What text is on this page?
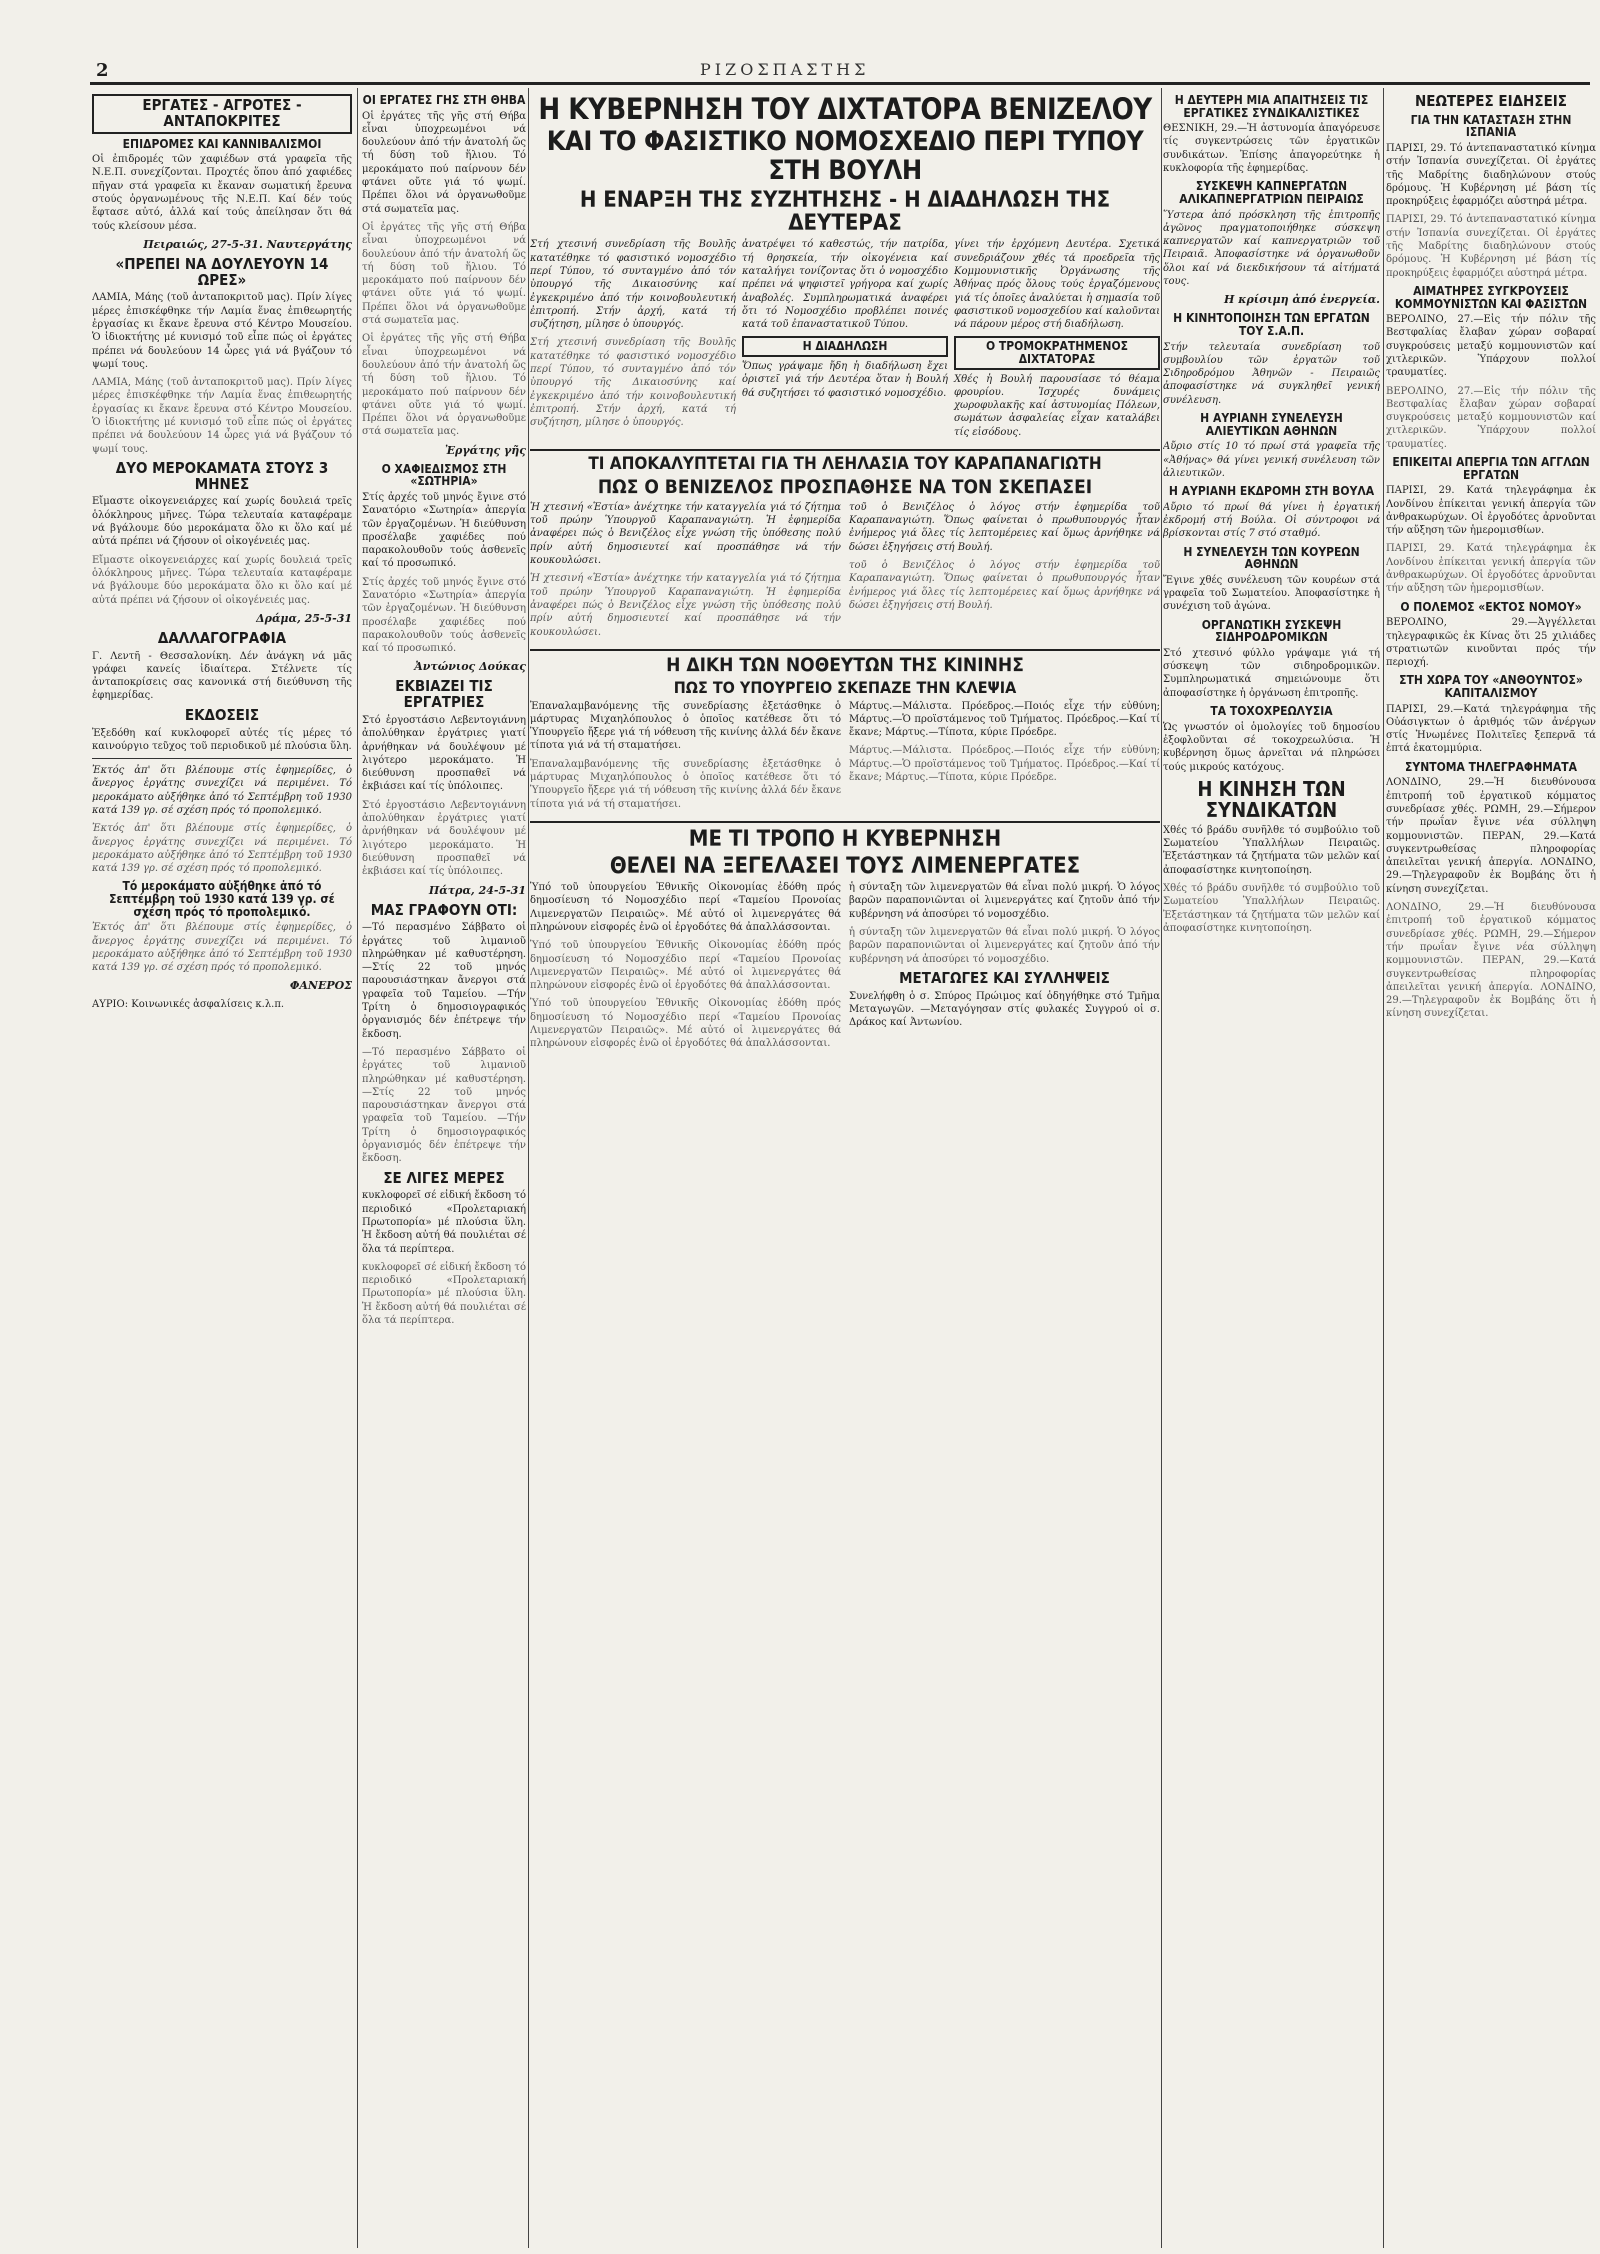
2	ΡΙΖΟΣΠΑΣΤΗΣ
ΕΡΓΑΤΕΣ - ΑΓΡΟΤΕΣ - ΑΝΤΑΠΟΚΡΙΤΕΣ
ΕΠΙΔΡΟΜΕΣ ΚΑΙ ΚΑΝΝΙΒΑΛΙΣΜΟΙ

Οἱ ἐπιδρομές τῶν χαφιέδων στά γραφεῖα τῆς Ν.Ε.Π. συνεχίζονται. Προχτές ὅπου ἀπό χαφιέδες πῆγαν στά γραφεῖα κι ἔκαναν σωματική ἔρευνα στούς ὀργανωμένους τῆς Ν.Ε.Π. Καί δέν τούς ἔφτασε αὐτό, ἀλλά καί τούς ἀπείλησαν ὅτι θά τούς κλείσουν μέσα.

Πειραιώς, 27-5-31. Ναυτεργάτης
«ΠΡΕΠΕΙ ΝΑ ΔΟΥΛΕΥΟΥΝ 14 ΩΡΕΣ»

ΛΑΜΙΑ, Μάης (τοῦ ἀνταποκριτοῦ μας). Πρίν λίγες μέρες ἐπισκέφθηκε τήν Λαμία ἕνας ἐπιθεωρητής ἐργασίας κι ἔκανε ἔρευνα στό Κέντρο Μουσείου. Ὁ ἰδιοκτήτης μέ κυνισμό τοῦ εἶπε πώς οἱ ἐργάτες πρέπει νά δουλεύουν 14 ὧρες γιά νά βγάζουν τό ψωμί τους.

ΛΑΜΙΑ, Μάης (τοῦ ἀνταποκριτοῦ μας). Πρίν λίγες μέρες ἐπισκέφθηκε τήν Λαμία ἕνας ἐπιθεωρητής ἐργασίας κι ἔκανε ἔρευνα στό Κέντρο Μουσείου. Ὁ ἰδιοκτήτης μέ κυνισμό τοῦ εἶπε πώς οἱ ἐργάτες πρέπει νά δουλεύουν 14 ὧρες γιά νά βγάζουν τό ψωμί τους.

ΔΥΟ ΜΕΡΟΚΑΜΑΤΑ ΣΤΟΥΣ 3 ΜΗΝΕΣ

Εἴμαστε οἰκογενειάρχες καί χωρίς δουλειά τρεῖς ὁλόκληρους μῆνες. Τώρα τελευταία καταφέραμε νά βγάλουμε δύο μεροκάματα ὅλο κι ὅλο καί μέ αὐτά πρέπει νά ζήσουν οἱ οἰκογένειές μας.

Εἴμαστε οἰκογενειάρχες καί χωρίς δουλειά τρεῖς ὁλόκληρους μῆνες. Τώρα τελευταία καταφέραμε νά βγάλουμε δύο μεροκάματα ὅλο κι ὅλο καί μέ αὐτά πρέπει νά ζήσουν οἱ οἰκογένειές μας.

Δράμα, 25-5-31
ΔΑΛΛΑΓΟΓΡΑΦΙΑ

Γ. Λεντῆ - Θεσσαλονίκη. Δέν ἀνάγκη νά μᾶς γράφει κανείς ἰδιαίτερα. Στέλνετε τίς ἀνταποκρίσεις σας κανονικά στή διεύθυνση τῆς ἐφημερίδας.

ΕΚΔΟΣΕΙΣ

Ἐξεδόθη καί κυκλοφορεῖ αὐτές τίς μέρες τό καινούργιο τεῦχος τοῦ περιοδικοῦ μέ πλούσια ὕλη.

Ἐκτός ἀπ' ὅτι βλέπουμε στίς ἐφημερίδες, ὁ ἄνεργος ἐργάτης συνεχίζει νά περιμένει. Τό μεροκάματο αὐξήθηκε ἀπό τό Σεπτέμβρη τοῦ 1930 κατά 139 γρ. σέ σχέση πρός τό προπολεμικό.

Ἐκτός ἀπ' ὅτι βλέπουμε στίς ἐφημερίδες, ὁ ἄνεργος ἐργάτης συνεχίζει νά περιμένει. Τό μεροκάματο αὐξήθηκε ἀπό τό Σεπτέμβρη τοῦ 1930 κατά 139 γρ. σέ σχέση πρός τό προπολεμικό.

Τό μεροκάματο αὐξήθηκε ἀπό τό Σεπτέμβρη τοῦ 1930 κατά 139 γρ. σέ σχέση πρός τό προπολεμικό.

Ἐκτός ἀπ' ὅτι βλέπουμε στίς ἐφημερίδες, ὁ ἄνεργος ἐργάτης συνεχίζει νά περιμένει. Τό μεροκάματο αὐξήθηκε ἀπό τό Σεπτέμβρη τοῦ 1930 κατά 139 γρ. σέ σχέση πρός τό προπολεμικό.

ΦΑΝΕΡΟΣ

ΑΥΡΙΟ: Κοινωνικές ἀσφαλίσεις κ.λ.π.

ΟΙ ΕΡΓΑΤΕΣ ΓΗΣ ΣΤΗ ΘΗΒΑ

Οἱ ἐργάτες τῆς γῆς στή Θήβα εἶναι ὑποχρεωμένοι νά δουλεύουν ἀπό τήν ἀνατολή ὥς τή δύση τοῦ ἥλιου. Τό μεροκάματο πού παίρνουν δέν φτάνει οὔτε γιά τό ψωμί. Πρέπει ὅλοι νά ὀργανωθοῦμε στά σωματεῖα μας.

Οἱ ἐργάτες τῆς γῆς στή Θήβα εἶναι ὑποχρεωμένοι νά δουλεύουν ἀπό τήν ἀνατολή ὥς τή δύση τοῦ ἥλιου. Τό μεροκάματο πού παίρνουν δέν φτάνει οὔτε γιά τό ψωμί. Πρέπει ὅλοι νά ὀργανωθοῦμε στά σωματεῖα μας.

Οἱ ἐργάτες τῆς γῆς στή Θήβα εἶναι ὑποχρεωμένοι νά δουλεύουν ἀπό τήν ἀνατολή ὥς τή δύση τοῦ ἥλιου. Τό μεροκάματο πού παίρνουν δέν φτάνει οὔτε γιά τό ψωμί. Πρέπει ὅλοι νά ὀργανωθοῦμε στά σωματεῖα μας.

Ἐργάτης γῆς
Ο ΧΑΦΙΕΔΙΣΜΟΣ ΣΤΗ «ΣΩΤΗΡΙΑ»

Στίς ἀρχές τοῦ μηνός ἔγινε στό Σανατόριο «Σωτηρία» ἀπεργία τῶν ἐργαζομένων. Ἡ διεύθυνση προσέλαβε χαφιέδες πού παρακολουθοῦν τούς ἀσθενεῖς καί τό προσωπικό.

Στίς ἀρχές τοῦ μηνός ἔγινε στό Σανατόριο «Σωτηρία» ἀπεργία τῶν ἐργαζομένων. Ἡ διεύθυνση προσέλαβε χαφιέδες πού παρακολουθοῦν τούς ἀσθενεῖς καί τό προσωπικό.

Ἀντώνιος Δούκας
ΕΚΒΙΑΖΕΙ ΤΙΣ ΕΡΓΑΤΡΙΕΣ

Στό ἐργοστάσιο Λεβεντογιάννη ἀπολύθηκαν ἐργάτριες γιατί ἀρνήθηκαν νά δουλέψουν μέ λιγότερο μεροκάματο. Ἡ διεύθυνση προσπαθεῖ νά ἐκβιάσει καί τίς ὑπόλοιπες.

Στό ἐργοστάσιο Λεβεντογιάννη ἀπολύθηκαν ἐργάτριες γιατί ἀρνήθηκαν νά δουλέψουν μέ λιγότερο μεροκάματο. Ἡ διεύθυνση προσπαθεῖ νά ἐκβιάσει καί τίς ὑπόλοιπες.

Πάτρα, 24-5-31
ΜΑΣ ΓΡΑΦΟΥΝ ΟΤΙ:

—Τό περασμένο Σάββατο οἱ ἐργάτες τοῦ λιμανιοῦ πληρώθηκαν μέ καθυστέρηση. —Στίς 22 τοῦ μηνός παρουσιάστηκαν ἄνεργοι στά γραφεῖα τοῦ Ταμείου. —Τήν Τρίτη ὁ δημοσιογραφικός ὀργανισμός δέν ἐπέτρεψε τήν ἔκδοση.

—Τό περασμένο Σάββατο οἱ ἐργάτες τοῦ λιμανιοῦ πληρώθηκαν μέ καθυστέρηση. —Στίς 22 τοῦ μηνός παρουσιάστηκαν ἄνεργοι στά γραφεῖα τοῦ Ταμείου. —Τήν Τρίτη ὁ δημοσιογραφικός ὀργανισμός δέν ἐπέτρεψε τήν ἔκδοση.

ΣΕ ΛΙΓΕΣ ΜΕΡΕΣ

κυκλοφορεῖ σέ εἰδική ἔκδοση τό περιοδικό «Προλεταριακή Πρωτοπορία» μέ πλούσια ὕλη. Ἡ ἔκδοση αὐτή θά πουλιέται σέ ὅλα τά περίπτερα.

κυκλοφορεῖ σέ εἰδική ἔκδοση τό περιοδικό «Προλεταριακή Πρωτοπορία» μέ πλούσια ὕλη. Ἡ ἔκδοση αὐτή θά πουλιέται σέ ὅλα τά περίπτερα.

Η ΚΥΒΕΡΝΗΣΗ ΤΟΥ ΔΙΧΤΑΤΟΡΑ ΒΕΝΙΖΕΛΟΥ
ΚΑΙ ΤΟ ΦΑΣΙΣΤΙΚΟ ΝΟΜΟΣΧΕΔΙΟ ΠΕΡΙ ΤΥΠΟΥ ΣΤΗ ΒΟΥΛΗ
Η ΕΝΑΡΞΗ ΤΗΣ ΣΥΖΗΤΗΣΗΣ - Η ΔΙΑΔΗΛΩΣΗ ΤΗΣ ΔΕΥΤΕΡΑΣ

Στή χτεσινή συνεδρίαση τῆς Βουλῆς κατατέθηκε τό φασιστικό νομοσχέδιο περί Τύπου, τό συνταγμένο ἀπό τόν ὑπουργό τῆς Δικαιοσύνης καί ἐγκεκριμένο ἀπό τήν κοινοβουλευτική ἐπιτροπή. Στήν ἀρχή, κατά τή συζήτηση, μίλησε ὁ ὑπουργός.

Στή χτεσινή συνεδρίαση τῆς Βουλῆς κατατέθηκε τό φασιστικό νομοσχέδιο περί Τύπου, τό συνταγμένο ἀπό τόν ὑπουργό τῆς Δικαιοσύνης καί ἐγκεκριμένο ἀπό τήν κοινοβουλευτική ἐπιτροπή. Στήν ἀρχή, κατά τή συζήτηση, μίλησε ὁ ὑπουργός.

ἀνατρέψει τό καθεστώς, τήν πατρίδα, τή θρησκεία, τήν οἰκογένεια καί καταλήγει τονίζοντας ὅτι ὁ νομοσχέδιο πρέπει νά ψηφιστεῖ γρήγορα καί χωρίς ἀναβολές. Συμπληρωματικά ἀναφέρει ὅτι τό Νομοσχέδιο προβλέπει ποινές κατά τοῦ ἐπαναστατικοῦ Τύπου.

Η ΔΙΑΔΗΛΩΣΗ

Ὅπως γράψαμε ἤδη ἡ διαδήλωση ἔχει ὁριστεῖ γιά τήν Δευτέρα ὅταν ἡ Βουλή θά συζητήσει τό φασιστικό νομοσχέδιο.

γίνει τήν ἐρχόμενη Δευτέρα. Σχετικά συνεδριάζουν χθές τά προεδρεῖα τῆς Κομμουνιστικῆς Ὀργάνωσης τῆς Ἀθήνας πρός ὅλους τούς ἐργαζόμενους γιά τίς ὁποῖες ἀναλύεται ἡ σημασία τοῦ φασιστικοῦ νομοσχεδίου καί καλοῦνται νά πάρουν μέρος στή διαδήλωση.

Ο ΤΡΟΜΟΚΡΑΤΗΜΕΝΟΣ ΔΙΧΤΑΤΟΡΑΣ

Χθές ἡ Βουλή παρουσίασε τό θέαμα φρουρίου. Ἰσχυρές δυνάμεις χωροφυλακῆς καί ἀστυνομίας Πόλεων, σωμάτων ἀσφαλείας εἶχαν καταλάβει τίς εἰσόδους.

ΤΙ ΑΠΟΚΑΛΥΠΤΕΤΑΙ ΓΙΑ ΤΗ ΛΕΗΛΑΣΙΑ ΤΟΥ ΚΑΡΑΠΑΝΑΓΙΩΤΗ
ΠΩΣ Ο ΒΕΝΙΖΕΛΟΣ ΠΡΟΣΠΑΘΗΣΕ ΝΑ ΤΟΝ ΣΚΕΠΑΣΕΙ

Ἡ χτεσινή «Ἑστία» ἀνέχτηκε τήν καταγγελία γιά τό ζήτημα τοῦ πρώην Ὑπουργοῦ Καραπαναγιώτη. Ἡ ἐφημερίδα ἀναφέρει πώς ὁ Βενιζέλος εἶχε γνώση τῆς ὑπόθεσης πολύ πρίν αὐτή δημοσιευτεί καί προσπάθησε νά τήν κουκουλώσει.

Ἡ χτεσινή «Ἑστία» ἀνέχτηκε τήν καταγγελία γιά τό ζήτημα τοῦ πρώην Ὑπουργοῦ Καραπαναγιώτη. Ἡ ἐφημερίδα ἀναφέρει πώς ὁ Βενιζέλος εἶχε γνώση τῆς ὑπόθεσης πολύ πρίν αὐτή δημοσιευτεί καί προσπάθησε νά τήν κουκουλώσει.

τοῦ ὁ Βενιζέλος ὁ λόγος στήν ἐφημερίδα τοῦ Καραπαναγιώτη. Ὅπως φαίνεται ὁ πρωθυπουργός ἦταν ἐνήμερος γιά ὅλες τίς λεπτομέρειες καί ὅμως ἀρνήθηκε νά δώσει ἐξηγήσεις στή Βουλή.

τοῦ ὁ Βενιζέλος ὁ λόγος στήν ἐφημερίδα τοῦ Καραπαναγιώτη. Ὅπως φαίνεται ὁ πρωθυπουργός ἦταν ἐνήμερος γιά ὅλες τίς λεπτομέρειες καί ὅμως ἀρνήθηκε νά δώσει ἐξηγήσεις στή Βουλή.

Η ΔΙΚΗ ΤΩΝ ΝΟΘΕΥΤΩΝ ΤΗΣ ΚΙΝΙΝΗΣ
ΠΩΣ ΤΟ ΥΠΟΥΡΓΕΙΟ ΣΚΕΠΑΖΕ ΤΗΝ ΚΛΕΨΙΑ

Ἐπαναλαμβανόμενης τῆς συνεδρίασης ἐξετάσθηκε ὁ μάρτυρας Μιχαηλόπουλος ὁ ὁποῖος κατέθεσε ὅτι τό Ὑπουργεῖο ἤξερε γιά τή νόθευση τῆς κινίνης ἀλλά δέν ἔκανε τίποτα γιά νά τή σταματήσει.

Ἐπαναλαμβανόμενης τῆς συνεδρίασης ἐξετάσθηκε ὁ μάρτυρας Μιχαηλόπουλος ὁ ὁποῖος κατέθεσε ὅτι τό Ὑπουργεῖο ἤξερε γιά τή νόθευση τῆς κινίνης ἀλλά δέν ἔκανε τίποτα γιά νά τή σταματήσει.

Μάρτυς.—Μάλιστα. Πρόεδρος.—Ποιός εἶχε τήν εὐθύνη; Μάρτυς.—Ὁ προϊστάμενος τοῦ Τμήματος. Πρόεδρος.—Καί τί ἔκανε; Μάρτυς.—Τίποτα, κύριε Πρόεδρε.

Μάρτυς.—Μάλιστα. Πρόεδρος.—Ποιός εἶχε τήν εὐθύνη; Μάρτυς.—Ὁ προϊστάμενος τοῦ Τμήματος. Πρόεδρος.—Καί τί ἔκανε; Μάρτυς.—Τίποτα, κύριε Πρόεδρε.

ΜΕ ΤΙ ΤΡΟΠΟ Η ΚΥΒΕΡΝΗΣΗ
ΘΕΛΕΙ ΝΑ ΞΕΓΕΛΑΣΕΙ ΤΟΥΣ ΛΙΜΕΝΕΡΓΑΤΕΣ

Ὑπό τοῦ ὑπουργείου Ἐθνικῆς Οἰκονομίας ἐδόθη πρός δημοσίευση τό Νομοσχέδιο περί «Ταμείου Προνοίας Λιμενεργατῶν Πειραιῶς». Μέ αὐτό οἱ λιμενεργάτες θά πληρώνουν εἰσφορές ἐνῶ οἱ ἐργοδότες θά ἀπαλλάσσονται.

Ὑπό τοῦ ὑπουργείου Ἐθνικῆς Οἰκονομίας ἐδόθη πρός δημοσίευση τό Νομοσχέδιο περί «Ταμείου Προνοίας Λιμενεργατῶν Πειραιῶς». Μέ αὐτό οἱ λιμενεργάτες θά πληρώνουν εἰσφορές ἐνῶ οἱ ἐργοδότες θά ἀπαλλάσσονται.

Ὑπό τοῦ ὑπουργείου Ἐθνικῆς Οἰκονομίας ἐδόθη πρός δημοσίευση τό Νομοσχέδιο περί «Ταμείου Προνοίας Λιμενεργατῶν Πειραιῶς». Μέ αὐτό οἱ λιμενεργάτες θά πληρώνουν εἰσφορές ἐνῶ οἱ ἐργοδότες θά ἀπαλλάσσονται.

ἡ σύνταξη τῶν λιμενεργατῶν θά εἶναι πολύ μικρή. Ὁ λόγος βαρῶν παραπονιῶνται οἱ λιμενεργάτες καί ζητοῦν ἀπό τήν κυβέρνηση νά ἀποσύρει τό νομοσχέδιο.

ἡ σύνταξη τῶν λιμενεργατῶν θά εἶναι πολύ μικρή. Ὁ λόγος βαρῶν παραπονιῶνται οἱ λιμενεργάτες καί ζητοῦν ἀπό τήν κυβέρνηση νά ἀποσύρει τό νομοσχέδιο.

ΜΕΤΑΓΩΓΕΣ ΚΑΙ ΣΥΛΛΗΨΕΙΣ

Συνελήφθη ὁ σ. Σπύρος Πρώιμος καί ὁδηγήθηκε στό Τμῆμα Μεταγωγῶν. —Μεταγόγησαν στίς φυλακές Συγγρού οἱ σ. Δράκος καί Ἀντωνίου.

Η ΔΕΥΤΕΡΗ ΜΙΑ ΑΠΑΙΤΗΣΕΙΣ ΤΙΣ ΕΡΓΑΤΙΚΕΣ ΣΥΝΔΙΚΑΛΙΣΤΙΚΕΣ

ΘΕΣΝΙΚΗ, 29.—Ἡ ἀστυνομία ἀπαγόρευσε τίς συγκεντρώσεις τῶν ἐργατικῶν συνδικάτων. Ἐπίσης ἀπαγορεύτηκε ἡ κυκλοφορία τῆς ἐφημερίδας.

ΣΥΣΚΕΨΗ ΚΑΠΝΕΡΓΑΤΩΝ ΑΛΙΚΑΠΝΕΡΓΑΤΡΙΩΝ ΠΕΙΡΑΙΩΣ

Ὕστερα ἀπό πρόσκληση τῆς ἐπιτροπῆς ἀγῶνος πραγματοποιήθηκε σύσκεψη καπνεργατῶν καί καπνεργατριῶν τοῦ Πειραιᾶ. Ἀποφασίστηκε νά ὀργανωθοῦν ὅλοι καί νά διεκδικήσουν τά αἰτήματά τους.

Η κρίσιμη ἀπό ἐνεργεία.
Η ΚΙΝΗΤΟΠΟΙΗΣΗ ΤΩΝ ΕΡΓΑΤΩΝ ΤΟΥ Σ.Α.Π.

Στήν τελευταία συνεδρίαση τοῦ συμβουλίου τῶν ἐργατῶν τοῦ Σιδηροδρόμου Ἀθηνῶν - Πειραιῶς ἀποφασίστηκε νά συγκληθεῖ γενική συνέλευση.

Η ΑΥΡΙΑΝΗ ΣΥΝΕΛΕΥΣΗ ΑΛΙΕΥΤΙΚΩΝ ΑΘΗΝΩΝ

Αὔριο στίς 10 τό πρωί στά γραφεῖα τῆς «Ἀθήνας» θά γίνει γενική συνέλευση τῶν ἀλιευτικῶν.

Η ΑΥΡΙΑΝΗ ΕΚΔΡΟΜΗ ΣΤΗ ΒΟΥΛΑ

Αὔριο τό πρωί θά γίνει ἡ ἐργατική ἐκδρομή στή Βούλα. Οἱ σύντροφοι νά βρίσκονται στίς 7 στό σταθμό.

Η ΣΥΝΕΛΕΥΣΗ ΤΩΝ ΚΟΥΡΕΩΝ ΑΘΗΝΩΝ

Ἔγινε χθές συνέλευση τῶν κουρέων στά γραφεῖα τοῦ Σωματείου. Ἀποφασίστηκε ἡ συνέχιση τοῦ ἀγώνα.

ΟΡΓΑΝΩΤΙΚΗ ΣΥΣΚΕΨΗ ΣΙΔΗΡΟΔΡΟΜΙΚΩΝ

Στό χτεσινό φύλλο γράψαμε γιά τή σύσκεψη τῶν σιδηροδρομικῶν. Συμπληρωματικά σημειώνουμε ὅτι ἀποφασίστηκε ἡ ὀργάνωση ἐπιτροπῆς.

ΤΑ ΤΟΧΟΧΡΕΩΛΥΣΙΑ

Ὡς γνωστόν οἱ ὁμολογίες τοῦ δημοσίου ἐξοφλοῦνται σέ τοκοχρεωλύσια. Ἡ κυβέρνηση ὅμως ἀρνεῖται νά πληρώσει τούς μικρούς κατόχους.

Η ΚΙΝΗΣΗ ΤΩΝ ΣΥΝΔΙΚΑΤΩΝ

Χθές τό βράδυ συνῆλθε τό συμβούλιο τοῦ Σωματείου Ὑπαλλήλων Πειραιῶς. Ἐξετάστηκαν τά ζητήματα τῶν μελῶν καί ἀποφασίστηκε κινητοποίηση.

Χθές τό βράδυ συνῆλθε τό συμβούλιο τοῦ Σωματείου Ὑπαλλήλων Πειραιῶς. Ἐξετάστηκαν τά ζητήματα τῶν μελῶν καί ἀποφασίστηκε κινητοποίηση.

ΝΕΩΤΕΡΕΣ ΕΙΔΗΣΕΙΣ
ΓΙΑ ΤΗΝ ΚΑΤΑΣΤΑΣΗ ΣΤΗΝ ΙΣΠΑΝΙΑ

ΠΑΡΙΣΙ, 29. Τό ἀντεπαναστατικό κίνημα στήν Ἰσπανία συνεχίζεται. Οἱ ἐργάτες τῆς Μαδρίτης διαδηλώνουν στούς δρόμους. Ἡ Κυβέρνηση μέ βάση τίς προκηρύξεις ἐφαρμόζει αὐστηρά μέτρα.

ΠΑΡΙΣΙ, 29. Τό ἀντεπαναστατικό κίνημα στήν Ἰσπανία συνεχίζεται. Οἱ ἐργάτες τῆς Μαδρίτης διαδηλώνουν στούς δρόμους. Ἡ Κυβέρνηση μέ βάση τίς προκηρύξεις ἐφαρμόζει αὐστηρά μέτρα.

ΑΙΜΑΤΗΡΕΣ ΣΥΓΚΡΟΥΣΕΙΣ ΚΟΜΜΟΥΝΙΣΤΩΝ ΚΑΙ ΦΑΣΙΣΤΩΝ

ΒΕΡΟΛΙΝΟ, 27.—Εἰς τήν πόλιν τῆς Βεστφαλίας ἔλαβαν χώραν σοβαραί συγκρούσεις μεταξύ κομμουνιστῶν καί χιτλερικῶν. Ὑπάρχουν πολλοί τραυματίες.

ΒΕΡΟΛΙΝΟ, 27.—Εἰς τήν πόλιν τῆς Βεστφαλίας ἔλαβαν χώραν σοβαραί συγκρούσεις μεταξύ κομμουνιστῶν καί χιτλερικῶν. Ὑπάρχουν πολλοί τραυματίες.

ΕΠΙΚΕΙΤΑΙ ΑΠΕΡΓΙΑ ΤΩΝ ΑΓΓΛΩΝ ΕΡΓΑΤΩΝ

ΠΑΡΙΣΙ, 29. Κατά τηλεγράφημα ἐκ Λονδίνου ἐπίκειται γενική ἀπεργία τῶν ἀνθρακωρύχων. Οἱ ἐργοδότες ἀρνοῦνται τήν αὔξηση τῶν ἡμερομισθίων.

ΠΑΡΙΣΙ, 29. Κατά τηλεγράφημα ἐκ Λονδίνου ἐπίκειται γενική ἀπεργία τῶν ἀνθρακωρύχων. Οἱ ἐργοδότες ἀρνοῦνται τήν αὔξηση τῶν ἡμερομισθίων.

Ο ΠΟΛΕΜΟΣ «ΕΚΤΟΣ ΝΟΜΟΥ»

ΒΕΡΟΛΙΝΟ, 29.—Ἀγγέλλεται τηλεγραφικῶς ἐκ Κίνας ὅτι 25 χιλιάδες στρατιωτῶν κινοῦνται πρός τήν περιοχή.

ΣΤΗ ΧΩΡΑ ΤΟΥ «ΑΝΘΟΥΝΤΟΣ» ΚΑΠΙΤΑΛΙΣΜΟΥ

ΠΑΡΙΣΙ, 29.—Κατά τηλεγράφημα τῆς Οὐάσιγκτων ὁ ἀριθμός τῶν ἀνέργων στίς Ἡνωμένες Πολιτεῖες ξεπερνᾶ τά ἑπτά ἑκατομμύρια.

ΣΥΝΤΟΜΑ ΤΗΛΕΓΡΑΦΗΜΑΤΑ

ΛΟΝΔΙΝΟ, 29.—Ἡ διευθύνουσα ἐπιτροπή τοῦ ἐργατικοῦ κόμματος συνεδρίασε χθές. ΡΩΜΗ, 29.—Σήμερον τήν πρωΐαν ἔγινε νέα σύλληψη κομμουνιστῶν. ΠΕΡΑΝ, 29.—Κατά συγκεντρωθείσας πληροφορίας ἀπειλεῖται γενική ἀπεργία. ΛΟΝΔΙΝΟ, 29.—Τηλεγραφοῦν ἐκ Βομβάης ὅτι ἡ κίνηση συνεχίζεται.

ΛΟΝΔΙΝΟ, 29.—Ἡ διευθύνουσα ἐπιτροπή τοῦ ἐργατικοῦ κόμματος συνεδρίασε χθές. ΡΩΜΗ, 29.—Σήμερον τήν πρωΐαν ἔγινε νέα σύλληψη κομμουνιστῶν. ΠΕΡΑΝ, 29.—Κατά συγκεντρωθείσας πληροφορίας ἀπειλεῖται γενική ἀπεργία. ΛΟΝΔΙΝΟ, 29.—Τηλεγραφοῦν ἐκ Βομβάης ὅτι ἡ κίνηση συνεχίζεται.
